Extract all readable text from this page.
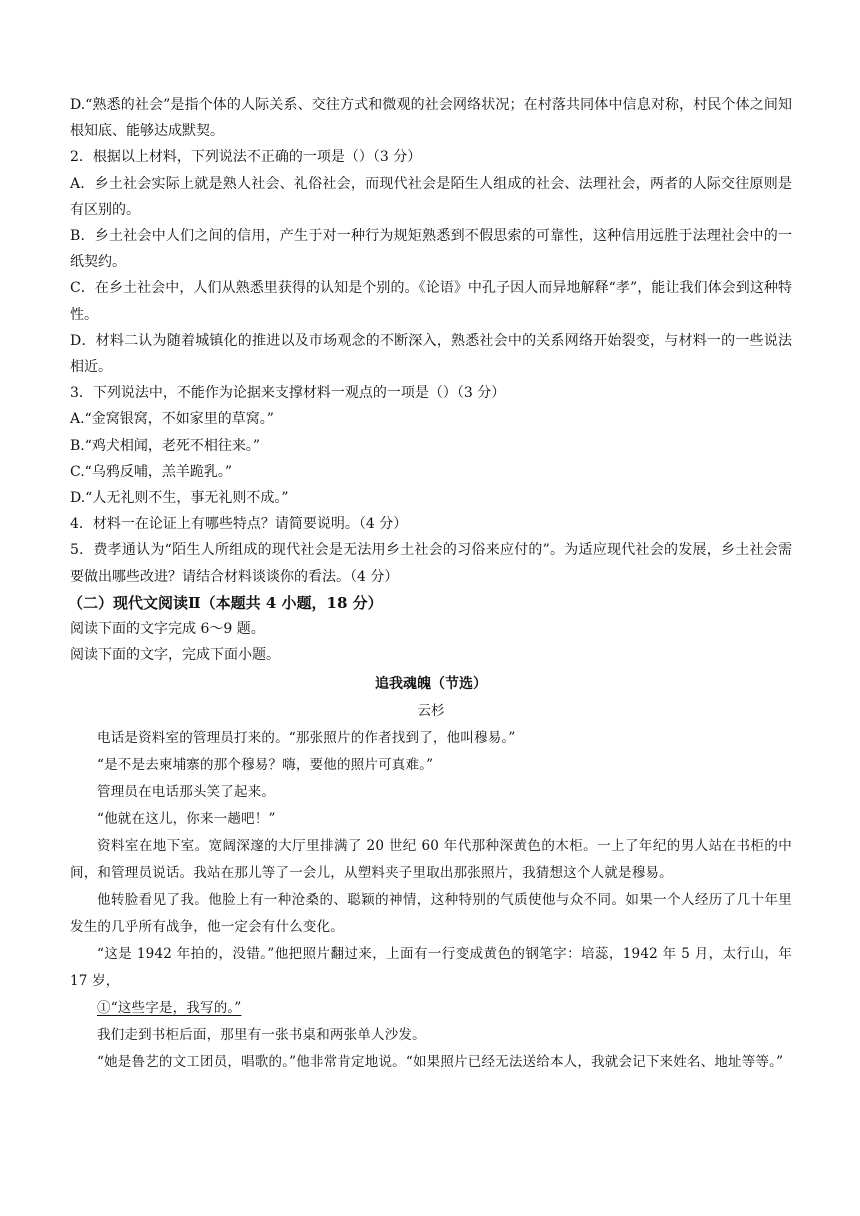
D.“熟悉的社会”是指个体的人际关系、交往方式和微观的社会网络状况；在村落共同体中信息对称，村民个体之间知根知底、能够达成默契。

2．根据以上材料，下列说法不正确的一项是（）（3 分）

A．乡土社会实际上就是熟人社会、礼俗社会，而现代社会是陌生人组成的社会、法理社会，两者的人际交往原则是有区别的。

B．乡土社会中人们之间的信用，产生于对一种行为规矩熟悉到不假思索的可靠性，这种信用远胜于法理社会中的一纸契约。

C．在乡土社会中，人们从熟悉里获得的认知是个别的。《论语》中孔子因人而异地解释“孝”，能让我们体会到这种特性。

D．材料二认为随着城镇化的推进以及市场观念的不断深入，熟悉社会中的关系网络开始裂变，与材料一的一些说法相近。

3．下列说法中，不能作为论据来支撑材料一观点的一项是（）（3 分）

A.“金窝银窝，不如家里的草窝。”

B.“鸡犬相闻，老死不相往来。”

C.“乌鸦反哺，羔羊跪乳。”

D.“人无礼则不生，事无礼则不成。”

4．材料一在论证上有哪些特点？请简要说明。（4 分）

5．费孝通认为“陌生人所组成的现代社会是无法用乡土社会的习俗来应付的”。为适应现代社会的发展，乡土社会需要做出哪些改进？请结合材料谈谈你的看法。（4 分）

（二）现代文阅读Ⅱ（本题共 4 小题，18 分）

阅读下面的文字完成 6～9 题。

阅读下面的文字，完成下面小题。

追我魂魄（节选）

云杉

电话是资料室的管理员打来的。“那张照片的作者找到了，他叫穆易。”

“是不是去柬埔寨的那个穆易？嗨，要他的照片可真难。”

管理员在电话那头笑了起来。

“他就在这儿，你来一趟吧！”

资料室在地下室。宽阔深邃的大厅里排满了 20 世纪 60 年代那种深黄色的木柜。一上了年纪的男人站在书柜的中间，和管理员说话。我站在那儿等了一会儿，从塑料夹子里取出那张照片，我猜想这个人就是穆易。

他转脸看见了我。他脸上有一种沧桑的、聪颖的神情，这种特别的气质使他与众不同。如果一个人经历了几十年里发生的几乎所有战争，他一定会有什么变化。

“这是 1942 年拍的，没错。”他把照片翻过来，上面有一行变成黄色的钢笔字：培蕊，1942 年 5 月，太行山，年 17 岁，

①“这些字是，我写的。”

我们走到书柜后面，那里有一张书桌和两张单人沙发。

“她是鲁艺的文工团员，唱歌的。”他非常肯定地说。“如果照片已经无法送给本人，我就会记下来姓名、地址等等。”
